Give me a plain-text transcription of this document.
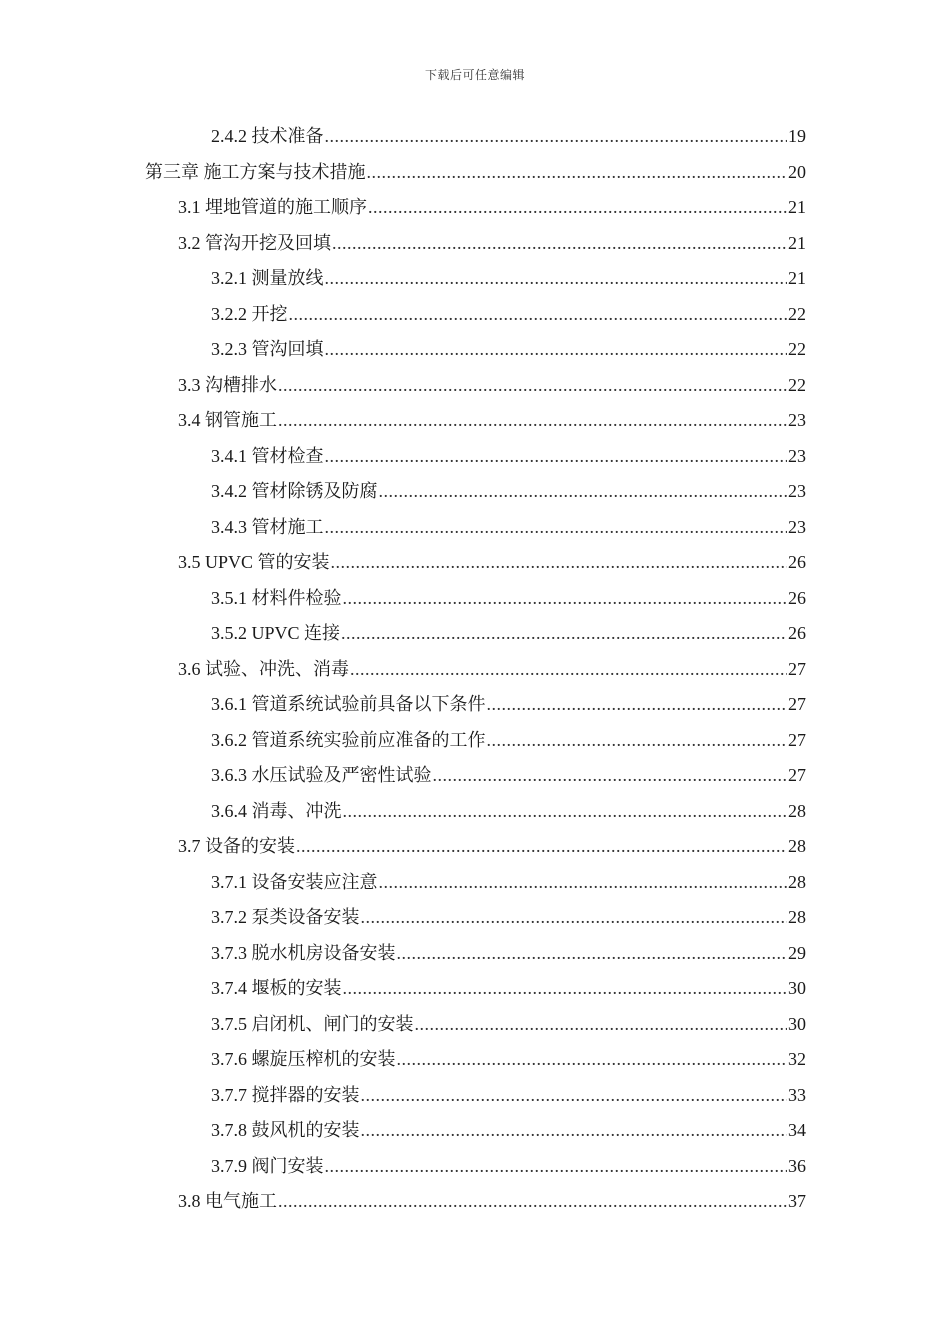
下载后可任意编辑
2.4.2 技术准备 .....	19
第三章 施工方案与技术措施 .....	20
3.1 埋地管道的施工顺序 .....	21
3.2 管沟开挖及回填 .....	21
3.2.1 测量放线 .....	21
3.2.2 开挖 .....	22
3.2.3 管沟回填 .....	22
3.3 沟槽排水 .....	22
3.4 钢管施工 .....	23
3.4.1 管材检查 .....	23
3.4.2 管材除锈及防腐 .....	23
3.4.3 管材施工 .....	23
3.5 UPVC 管的安装 .....	26
3.5.1 材料件检验 .....	26
3.5.2 UPVC 连接 .....	26
3.6 试验、冲洗、消毒 .....	27
3.6.1 管道系统试验前具备以下条件 .....	27
3.6.2 管道系统实验前应准备的工作 .....	27
3.6.3 水压试验及严密性试验 .....	27
3.6.4 消毒、冲洗 .....	28
3.7 设备的安装 .....	28
3.7.1 设备安装应注意 .....	28
3.7.2 泵类设备安装 .....	28
3.7.3 脱水机房设备安装 .....	29
3.7.4 堰板的安装 .....	30
3.7.5 启闭机、闸门的安装 .....	30
3.7.6 螺旋压榨机的安装 .....	32
3.7.7 搅拌器的安装 .....	33
3.7.8 鼓风机的安装 .....	34
3.7.9 阀门安装 .....	36
3.8 电气施工 .....	37
